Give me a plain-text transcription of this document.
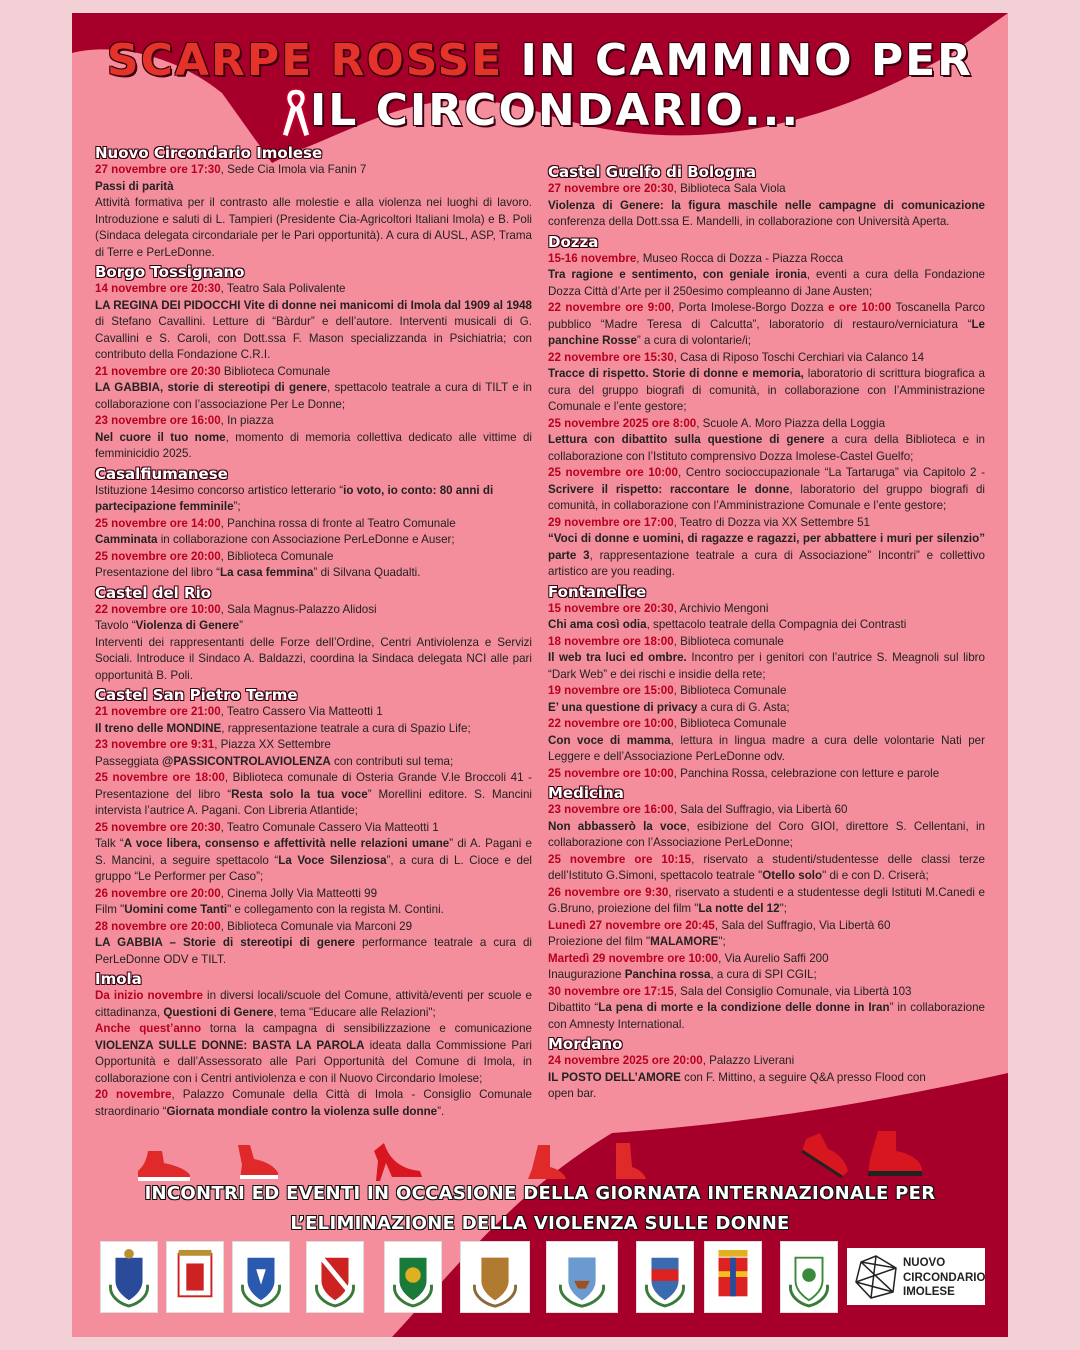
SCARPE ROSSE IN CAMMINO PER
IL CIRCONDARIO...
Nuovo Circondario Imolese
27 novembre ore 17:30, Sede Cia Imola via Fanin 7
Passi di parità
Attività formativa per il contrasto alle molestie e alla violenza nei luoghi di lavoro. Introduzione e saluti di L. Tampieri (Presidente Cia-Agricoltori Italiani Imola) e B. Poli (Sindaca delegata circondariale per le Pari opportunità). A cura di AUSL, ASP, Trama di Terre e PerLeDonne.
Borgo Tossignano
14 novembre ore 20:30, Teatro Sala Polivalente
LA REGINA DEI PIDOCCHI Vite di donne nei manicomi di Imola dal 1909 al 1948 di Stefano Cavallini. Letture di “Bàrdur” e dell’autore. Interventi musicali di G. Cavallini e S. Caroli, con Dott.ssa F. Mason specializzanda in Psichiatria; con contributo della Fondazione C.R.I.
21 novembre ore 20:30 Biblioteca Comunale
LA GABBIA, storie di stereotipi di genere, spettacolo teatrale a cura di TILT e in collaborazione con l’associazione Per Le Donne;
23 novembre ore 16:00, In piazza
Nel cuore il tuo nome, momento di memoria collettiva dedicato alle vittime di femminicidio 2025.
Casalfiumanese
Istituzione 14esimo concorso artistico letterario “io voto, io conto: 80 anni di partecipazione femminile”;
25 novembre ore 14:00, Panchina rossa di fronte al Teatro Comunale
Camminata in collaborazione con Associazione PerLeDonne e Auser;
25 novembre ore 20:00, Biblioteca Comunale
Presentazione del libro “La casa femmina” di Silvana Quadalti.
Castel del Rio
22 novembre ore 10:00, Sala Magnus-Palazzo Alidosi
Tavolo “Violenza di Genere”
Interventi dei rappresentanti delle Forze dell’Ordine, Centri Antiviolenza e Servizi Sociali. Introduce il Sindaco A. Baldazzi, coordina la Sindaca delegata NCI alle pari opportunità B. Poli.
Castel San Pietro Terme
21 novembre ore 21:00, Teatro Cassero Via Matteotti 1
Il treno delle MONDINE, rappresentazione teatrale a cura di Spazio Life;
23 novembre ore 9:31, Piazza XX Settembre
Passeggiata @PASSICONTROLAVIOLENZA con contributi sul tema;
25 novembre ore 18:00, Biblioteca comunale di Osteria Grande V.le Broccoli 41 - Presentazione del libro “Resta solo la tua voce” Morellini editore. S. Mancini intervista l’autrice A. Pagani. Con Libreria Atlantide;
25 novembre ore 20:30, Teatro Comunale Cassero Via Matteotti 1
Talk “A voce libera, consenso e affettività nelle relazioni umane” di A. Pagani e S. Mancini, a seguire spettacolo “La Voce Silenziosa”, a cura di L. Cioce e del gruppo “Le Performer per Caso”;
26 novembre ore 20:00, Cinema Jolly Via Matteotti 99
Film "Uomini come Tanti" e collegamento con la regista M. Contini.
28 novembre ore 20:00, Biblioteca Comunale via Marconi 29
LA GABBIA – Storie di stereotipi di genere performance teatrale a cura di PerLeDonne ODV e TILT.
Imola
Da inizio novembre in diversi locali/scuole del Comune, attività/eventi per scuole e cittadinanza, Questioni di Genere, tema "Educare alle Relazioni";
Anche quest’anno torna la campagna di sensibilizzazione e comunicazione VIOLENZA SULLE DONNE: BASTA LA PAROLA ideata dalla Commissione Pari Opportunità e dall’Assessorato alle Pari Opportunità del Comune di Imola, in collaborazione con i Centri antiviolenza e con il Nuovo Circondario Imolese;
20 novembre, Palazzo Comunale della Città di Imola - Consiglio Comunale straordinario “Giornata mondiale contro la violenza sulle donne”.
Castel Guelfo di Bologna
27 novembre ore 20:30, Biblioteca Sala Viola
Violenza di Genere: la figura maschile nelle campagne di comunicazione conferenza della Dott.ssa E. Mandelli, in collaborazione con Università Aperta.
Dozza
15-16 novembre, Museo Rocca di Dozza - Piazza Rocca
Tra ragione e sentimento, con geniale ironia, eventi a cura della Fondazione Dozza Città d’Arte per il 250esimo compleanno di Jane Austen;
22 novembre ore 9:00, Porta Imolese-Borgo Dozza e ore 10:00 Toscanella Parco pubblico “Madre Teresa di Calcutta”, laboratorio di restauro/verniciatura “Le panchine Rosse” a cura di volontarie/i;
22 novembre ore 15:30, Casa di Riposo Toschi Cerchiari via Calanco 14
Tracce di rispetto. Storie di donne e memoria, laboratorio di scrittura biografica a cura del gruppo biografi di comunità, in collaborazione con l’Amministrazione Comunale e l’ente gestore;
25 novembre 2025 ore 8:00, Scuole A. Moro Piazza della Loggia
Lettura con dibattito sulla questione di genere a cura della Biblioteca e in collaborazione con l’Istituto comprensivo Dozza Imolese-Castel Guelfo;
25 novembre ore 10:00, Centro socioccupazionale “La Tartaruga” via Capitolo 2 - Scrivere il rispetto: raccontare le donne, laboratorio del gruppo biografi di comunità, in collaborazione con l’Amministrazione Comunale e l’ente gestore;
29 novembre ore 17:00, Teatro di Dozza via XX Settembre 51
“Voci di donne e uomini, di ragazze e ragazzi, per abbattere i muri per silenzio” parte 3, rappresentazione teatrale a cura di Associazione” Incontri” e collettivo artistico are you reading.
Fontanelice
15 novembre ore 20:30, Archivio Mengoni
Chi ama così odia, spettacolo teatrale della Compagnia dei Contrasti
18 novembre ore 18:00, Biblioteca comunale
Il web tra luci ed ombre. Incontro per i genitori con l’autrice S. Meagnoli sul libro “Dark Web” e dei rischi e insidie della rete;
19 novembre ore 15:00, Biblioteca Comunale
E’ una questione di privacy a cura di G. Asta;
22 novembre ore 10:00, Biblioteca Comunale
Con voce di mamma, lettura in lingua madre a cura delle volontarie Nati per Leggere e dell’Associazione PerLeDonne odv.
25 novembre ore 10:00, Panchina Rossa, celebrazione con letture e parole
Medicina
23 novembre ore 16:00, Sala del Suffragio, via Libertà 60
Non abbasserò la voce, esibizione del Coro GIOI, direttore S. Cellentani, in collaborazione con l’Associazione PerLeDonne;
25 novembre ore 10:15, riservato a studenti/studentesse delle classi terze dell’Istituto G.Simoni, spettacolo teatrale "Otello solo" di e con D. Criserà;
26 novembre ore 9:30, riservato a studenti e a studentesse degli Istituti M.Canedi e G.Bruno, proiezione del film "La notte del 12";
Lunedì 27 novembre ore 20:45, Sala del Suffragio, Via Libertà 60
Proiezione del film "MALAMORE";
Martedì 29 novembre ore 10:00, Via Aurelio Saffi 200
Inaugurazione Panchina rossa, a cura di SPI CGIL;
30 novembre ore 17:15, Sala del Consiglio Comunale, via Libertà 103
Dibattito “La pena di morte e la condizione delle donne in Iran” in collaborazione con Amnesty International.
Mordano
24 novembre 2025 ore 20:00, Palazzo Liverani
IL POSTO DELL’AMORE con F. Mittino, a seguire Q&A presso Flood con open bar.
INCONTRI ED EVENTI IN OCCASIONE DELLA GIORNATA INTERNAZIONALE PER
L’ELIMINAZIONE DELLA VIOLENZA SULLE DONNE
NUOVO
CIRCONDARIO
IMOLESE
